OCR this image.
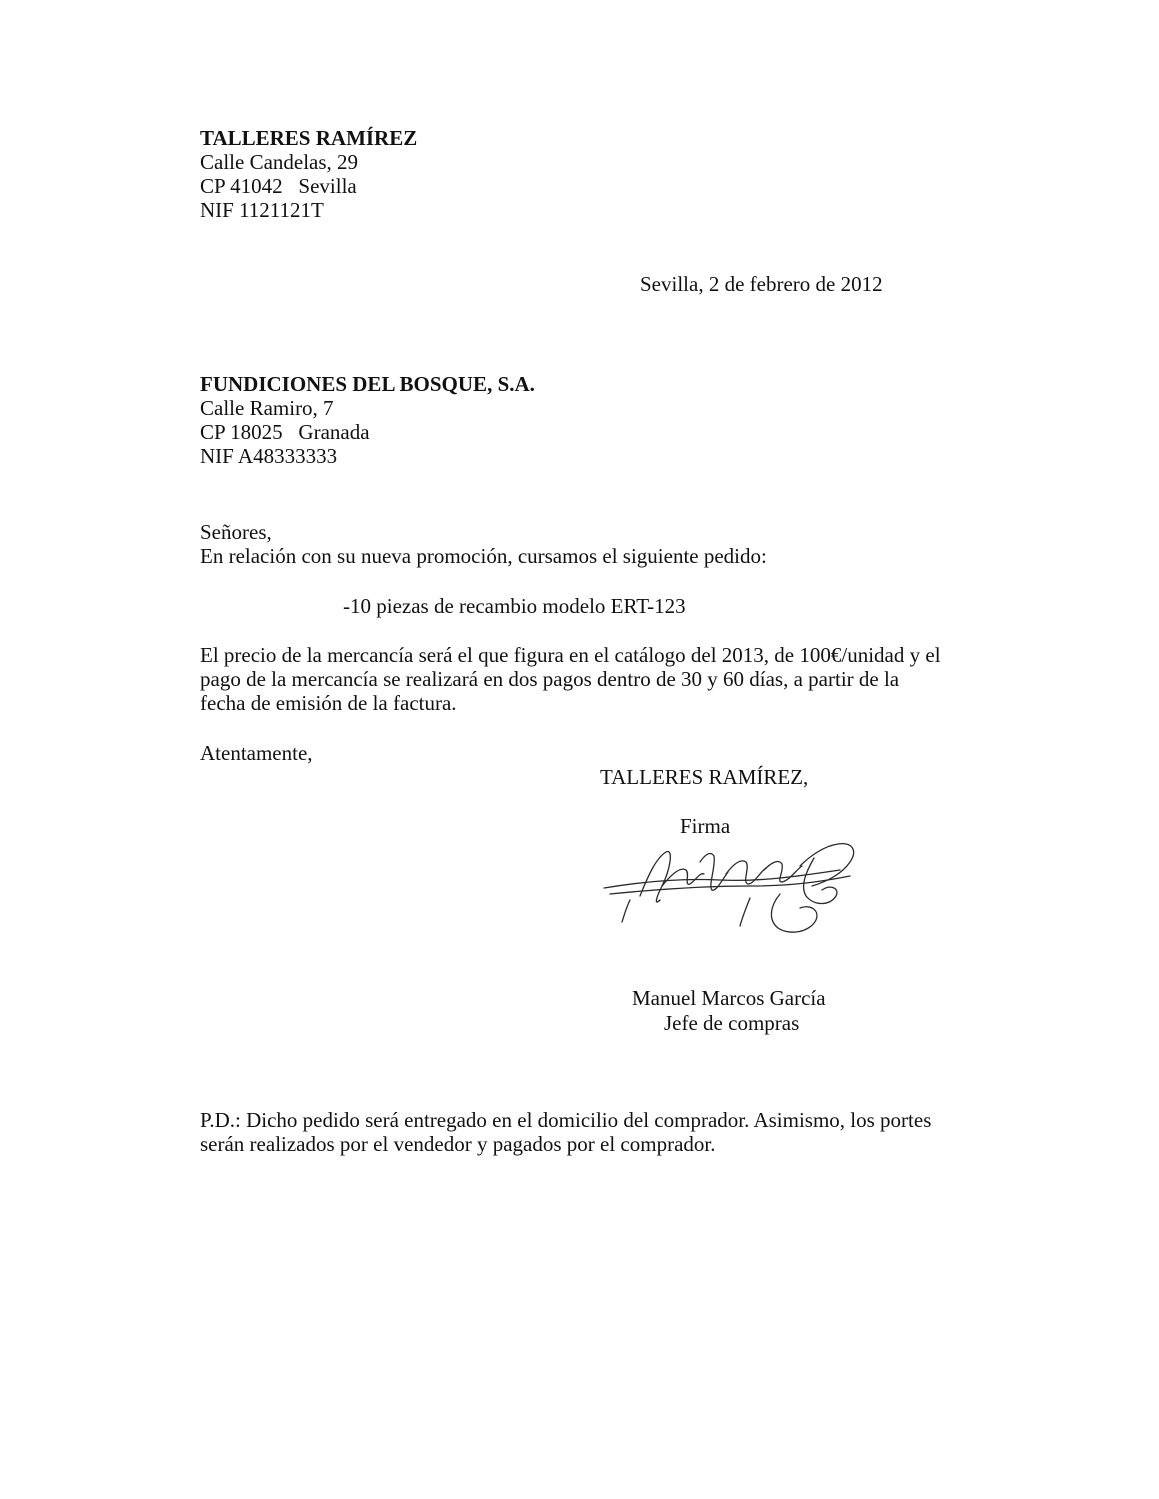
TALLERES RAMÍREZ
Calle Candelas, 29
CP 41042   Sevilla
NIF 1121121T
Sevilla, 2 de febrero de 2012
FUNDICIONES DEL BOSQUE, S.A.
Calle Ramiro, 7
CP 18025   Granada
NIF A48333333
Señores,
En relación con su nueva promoción, cursamos el siguiente pedido:
-10 piezas de recambio modelo ERT-123
El precio de la mercancía será el que figura en el catálogo del 2013, de 100€/unidad y el
pago de la mercancía se realizará en dos pagos dentro de 30 y 60 días, a partir de la
fecha de emisión de la factura.
Atentamente,
TALLERES RAMÍREZ,
Firma
Manuel Marcos García
Jefe de compras
P.D.: Dicho pedido será entregado en el domicilio del comprador. Asimismo, los portes
serán realizados por el vendedor y pagados por el comprador.
